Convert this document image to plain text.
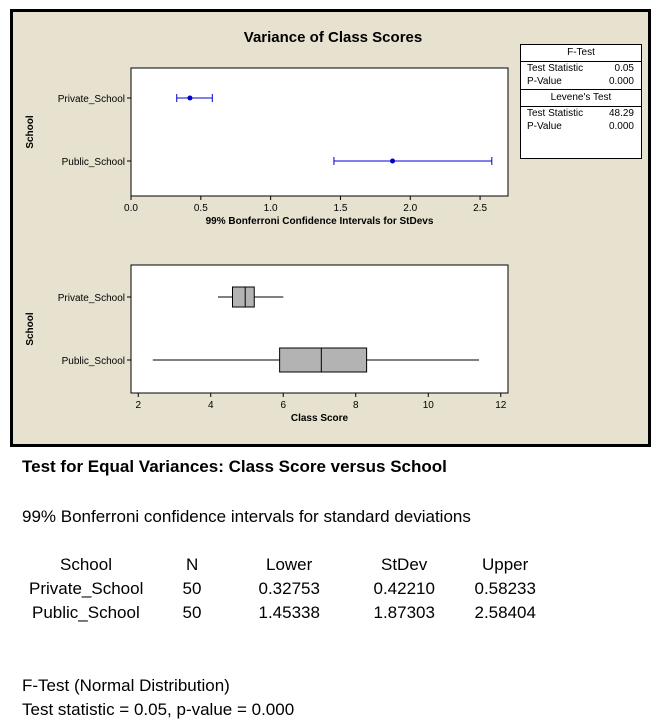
Variance of Class Scores
0.0	0.5	1.0	1.5	2.0	2.5
99% Bonferroni Confidence Intervals for StDevs
Private_School
Public_School
School
2	4	6	8	10	12
Class Score
Private_School
Public_School
School
F-Test
Test Statistic	0.05
P-Value	0.000
Levene's Test
Test Statistic	48.29
P-Value	0.000
Test for Equal Variances: Class Score versus School
99% Bonferroni confidence intervals for standard deviations
School	N	Lower	StDev	Upper
Private_School 50	0.32753	0.42210 0.58233
Public_School	50	1.45338	1.87303 2.58404
F-Test (Normal Distribution)
Test statistic = 0.05, p-value = 0.000
